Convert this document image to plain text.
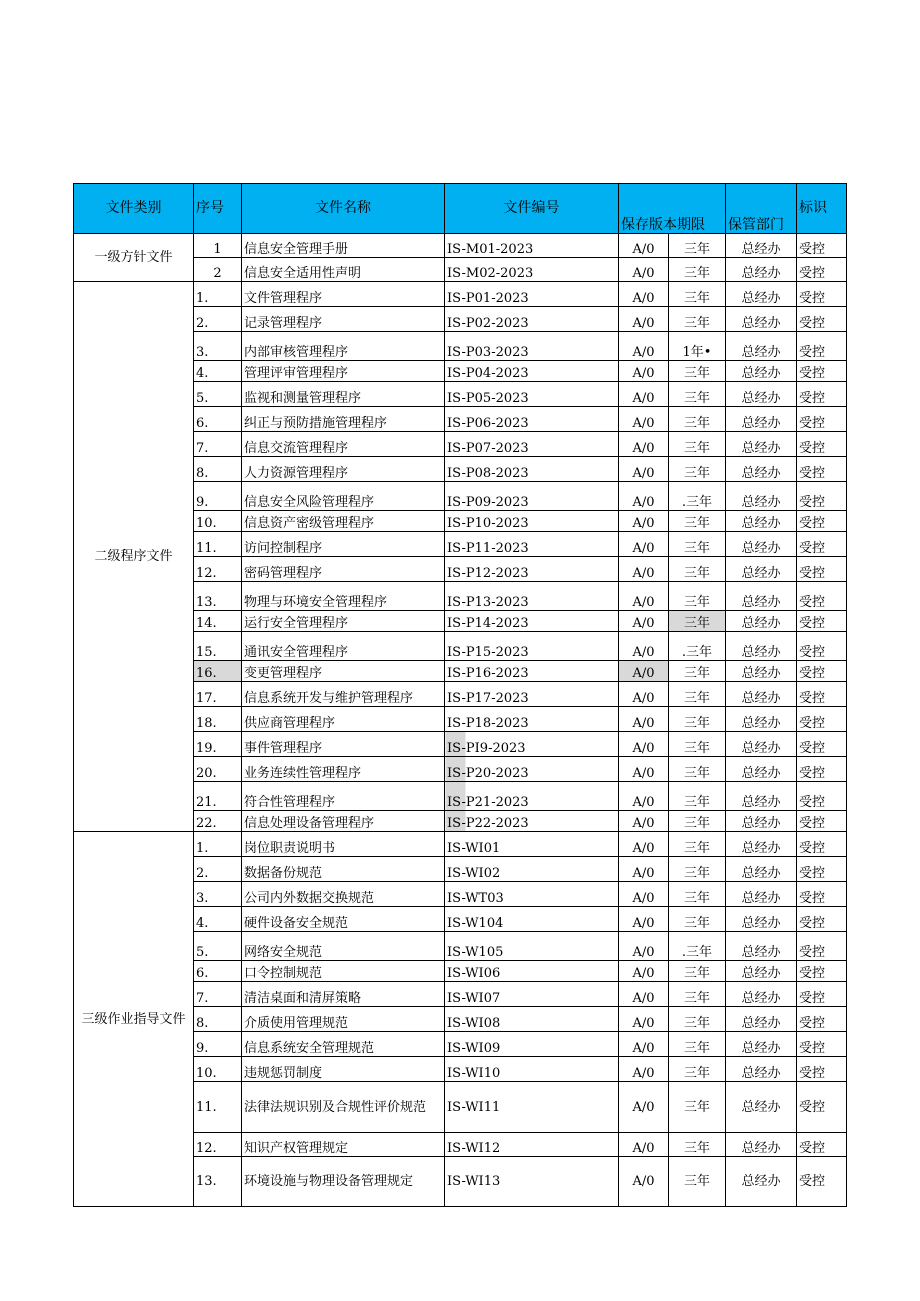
文件类别	序号	文件名称	文件编号	保存版本期限		保管部门	标识
一级方针文件	1	信息安全管理手册	IS-M01-2023	A/0	三年	总经办	受控
	2	信息安全适用性声明	IS-M02-2023	A/0	三年	总经办	受控
二级程序文件	1.	文件管理程序	IS-P01-2023	A/0	三年	总经办	受控
	2.	记录管理程序	IS-P02-2023	A/0	三年	总经办	受控
	3.	内部审核管理程序	IS-P03-2023	A/0	1年•	总经办	受控
	4.	管理评审管理程序	IS-P04-2023	A/0	三年	总经办	受控
	5.	监视和测量管理程序	IS-P05-2023	A/0	三年	总经办	受控
	6.	纠正与预防措施管理程序	IS-P06-2023	A/0	三年	总经办	受控
	7.	信息交流管理程序	IS-P07-2023	A/0	三年	总经办	受控
	8.	人力资源管理程序	IS-P08-2023	A/0	三年	总经办	受控
	9.	信息安全风险管理程序	IS-P09-2023	A/0	.三年	总经办	受控
	10.	信息资产密级管理程序	IS-P10-2023	A/0	三年	总经办	受控
	11.	访问控制程序	IS-P11-2023	A/0	三年	总经办	受控
	12.	密码管理程序	IS-P12-2023	A/0	三年	总经办	受控
	13.	物理与环境安全管理程序	IS-P13-2023	A/0	三年	总经办	受控
	14.	运行安全管理程序	IS-P14-2023	A/0	三年	总经办	受控
	15.	通讯安全管理程序	IS-P15-2023	A/0	.三年	总经办	受控
	16.	变更管理程序	IS-P16-2023	A/0	三年	总经办	受控
	17.	信息系统开发与维护管理程序	IS-P17-2023	A/0	三年	总经办	受控
	18.	供应商管理程序	IS-P18-2023	A/0	三年	总经办	受控
	19.	事件管理程序	IS-PI9-2023	A/0	三年	总经办	受控
	20.	业务连续性管理程序	IS-P20-2023	A/0	三年	总经办	受控
	21.	符合性管理程序	IS-P21-2023	A/0	三年	总经办	受控
	22.	信息处理设备管理程序	IS-P22-2023	A/0	三年	总经办	受控
三级作业指导文件	1.	岗位职责说明书	IS-WI01	A/0	三年	总经办	受控
	2.	数据备份规范	IS-WI02	A/0	三年	总经办	受控
	3.	公司内外数据交换规范	IS-WT03	A/0	三年	总经办	受控
	4.	硬件设备安全规范	IS-W104	A/0	三年	总经办	受控
	5.	网络安全规范	IS-W105	A/0	.三年	总经办	受控
	6.	口令控制规范	IS-WI06	A/0	三年	总经办	受控
	7.	清洁桌面和清屏策略	IS-WI07	A/0	三年	总经办	受控
	8.	介质使用管理规范	IS-WI08	A/0	三年	总经办	受控
	9.	信息系统安全管理规范	IS-WI09	A/0	三年	总经办	受控
	10.	违规惩罚制度	IS-WI10	A/0	三年	总经办	受控
	11.	法律法规识别及合规性评价规范	IS-WI11	A/0	三年	总经办	受控
	12.	知识产权管理规定	IS-WI12	A/0	三年	总经办	受控
	13.	环境设施与物理设备管理规定	IS-WI13	A/0	三年	总经办	受控
